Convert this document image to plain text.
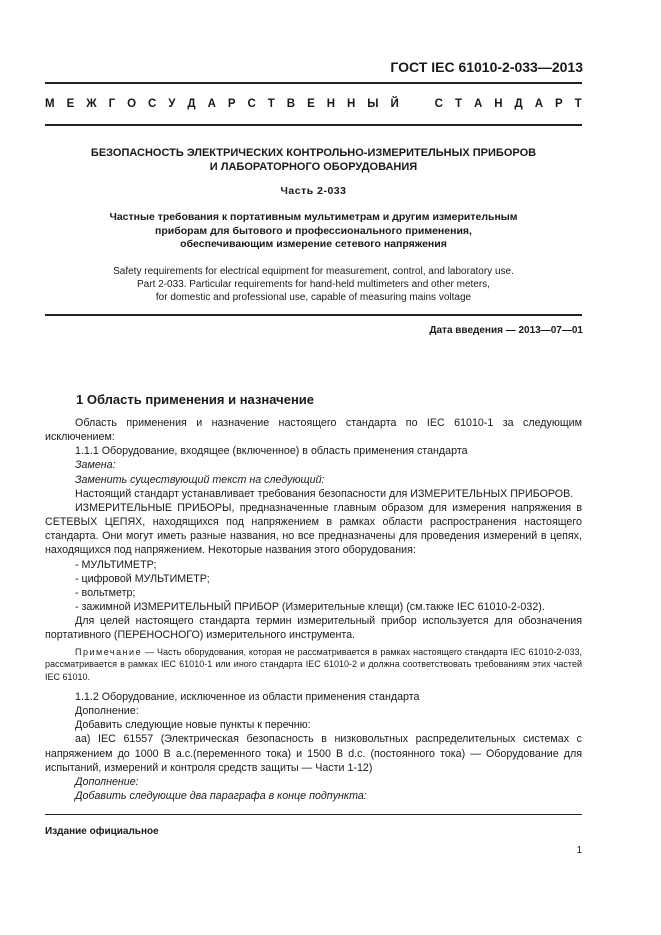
ГОСТ IEC 61010-2-033—2013
М Е Ж Г О С У Д А Р С Т В Е Н Н Ы Й	С Т А Н Д А Р Т
БЕЗОПАСНОСТЬ ЭЛЕКТРИЧЕСКИХ КОНТРОЛЬНО-ИЗМЕРИТЕЛЬНЫХ ПРИБОРОВ
И ЛАБОРАТОРНОГО ОБОРУДОВАНИЯ
Часть 2-033
Частные требования к портативным мультиметрам и другим измерительным
приборам для бытового и профессионального применения,
обеспечивающим измерение сетевого напряжения
Safety requirements for electrical equipment for measurement, control, and laboratory use.
Part 2-033. Particular requirements for hand-held multimeters and other meters,
for domestic and professional use, capable of measuring mains voltage
Дата введения — 2013—07—01
1 Область применения и назначение

Область применения и назначение настоящего стандарта по IEC 61010-1 за следующим исключением:

1.1.1 Оборудование, входящее (включенное) в область применения стандарта

Замена:

Заменить существующий текст на следующий:

Настоящий стандарт устанавливает требования безопасности для ИЗМЕРИТЕЛЬНЫХ ПРИБОРОВ.

ИЗМЕРИТЕЛЬНЫЕ ПРИБОРЫ, предназначенные главным образом для измерения напряжения в СЕТЕВЫХ ЦЕПЯХ, находящихся под напряжением в рамках области распространения настоящего стандарта. Они могут иметь разные названия, но все предназначены для проведения измерений в цепях, находящихся под напряжением. Некоторые названия этого оборудования:

- МУЛЬТИМЕТР;

- цифровой МУЛЬТИМЕТР;

- вольтметр;

- зажимной ИЗМЕРИТЕЛЬНЫЙ ПРИБОР (Измерительные клещи) (см.также IEC 61010-2-032).

Для целей настоящего стандарта термин измерительный прибор используется для обозначения портативного (ПЕРЕНОСНОГО) измерительного инструмента.

Примечание — Часть оборудования, которая не рассматривается в рамках настоящего стандарта IEC 61010-2-033, рассматривается в рамках IEC 61010-1 или иного стандарта IEC 61010-2 и должна соответствовать требованиям этих частей IEC 61010.

1.1.2 Оборудование, исключенное из области применения стандарта

Дополнение:

Добавить следующие новые пункты к перечню:

аа) IEC 61557 (Электрическая безопасность в низковольтных распределительных системах с напряжением до 1000 В a.c.(переменного тока) и 1500 В d.c. (постоянного тока) — Оборудование для испытаний, измерений и контроля средств защиты — Части 1-12)

Дополнение:

Добавить следующие два параграфа в конце подпункта:

Издание официальное
1
